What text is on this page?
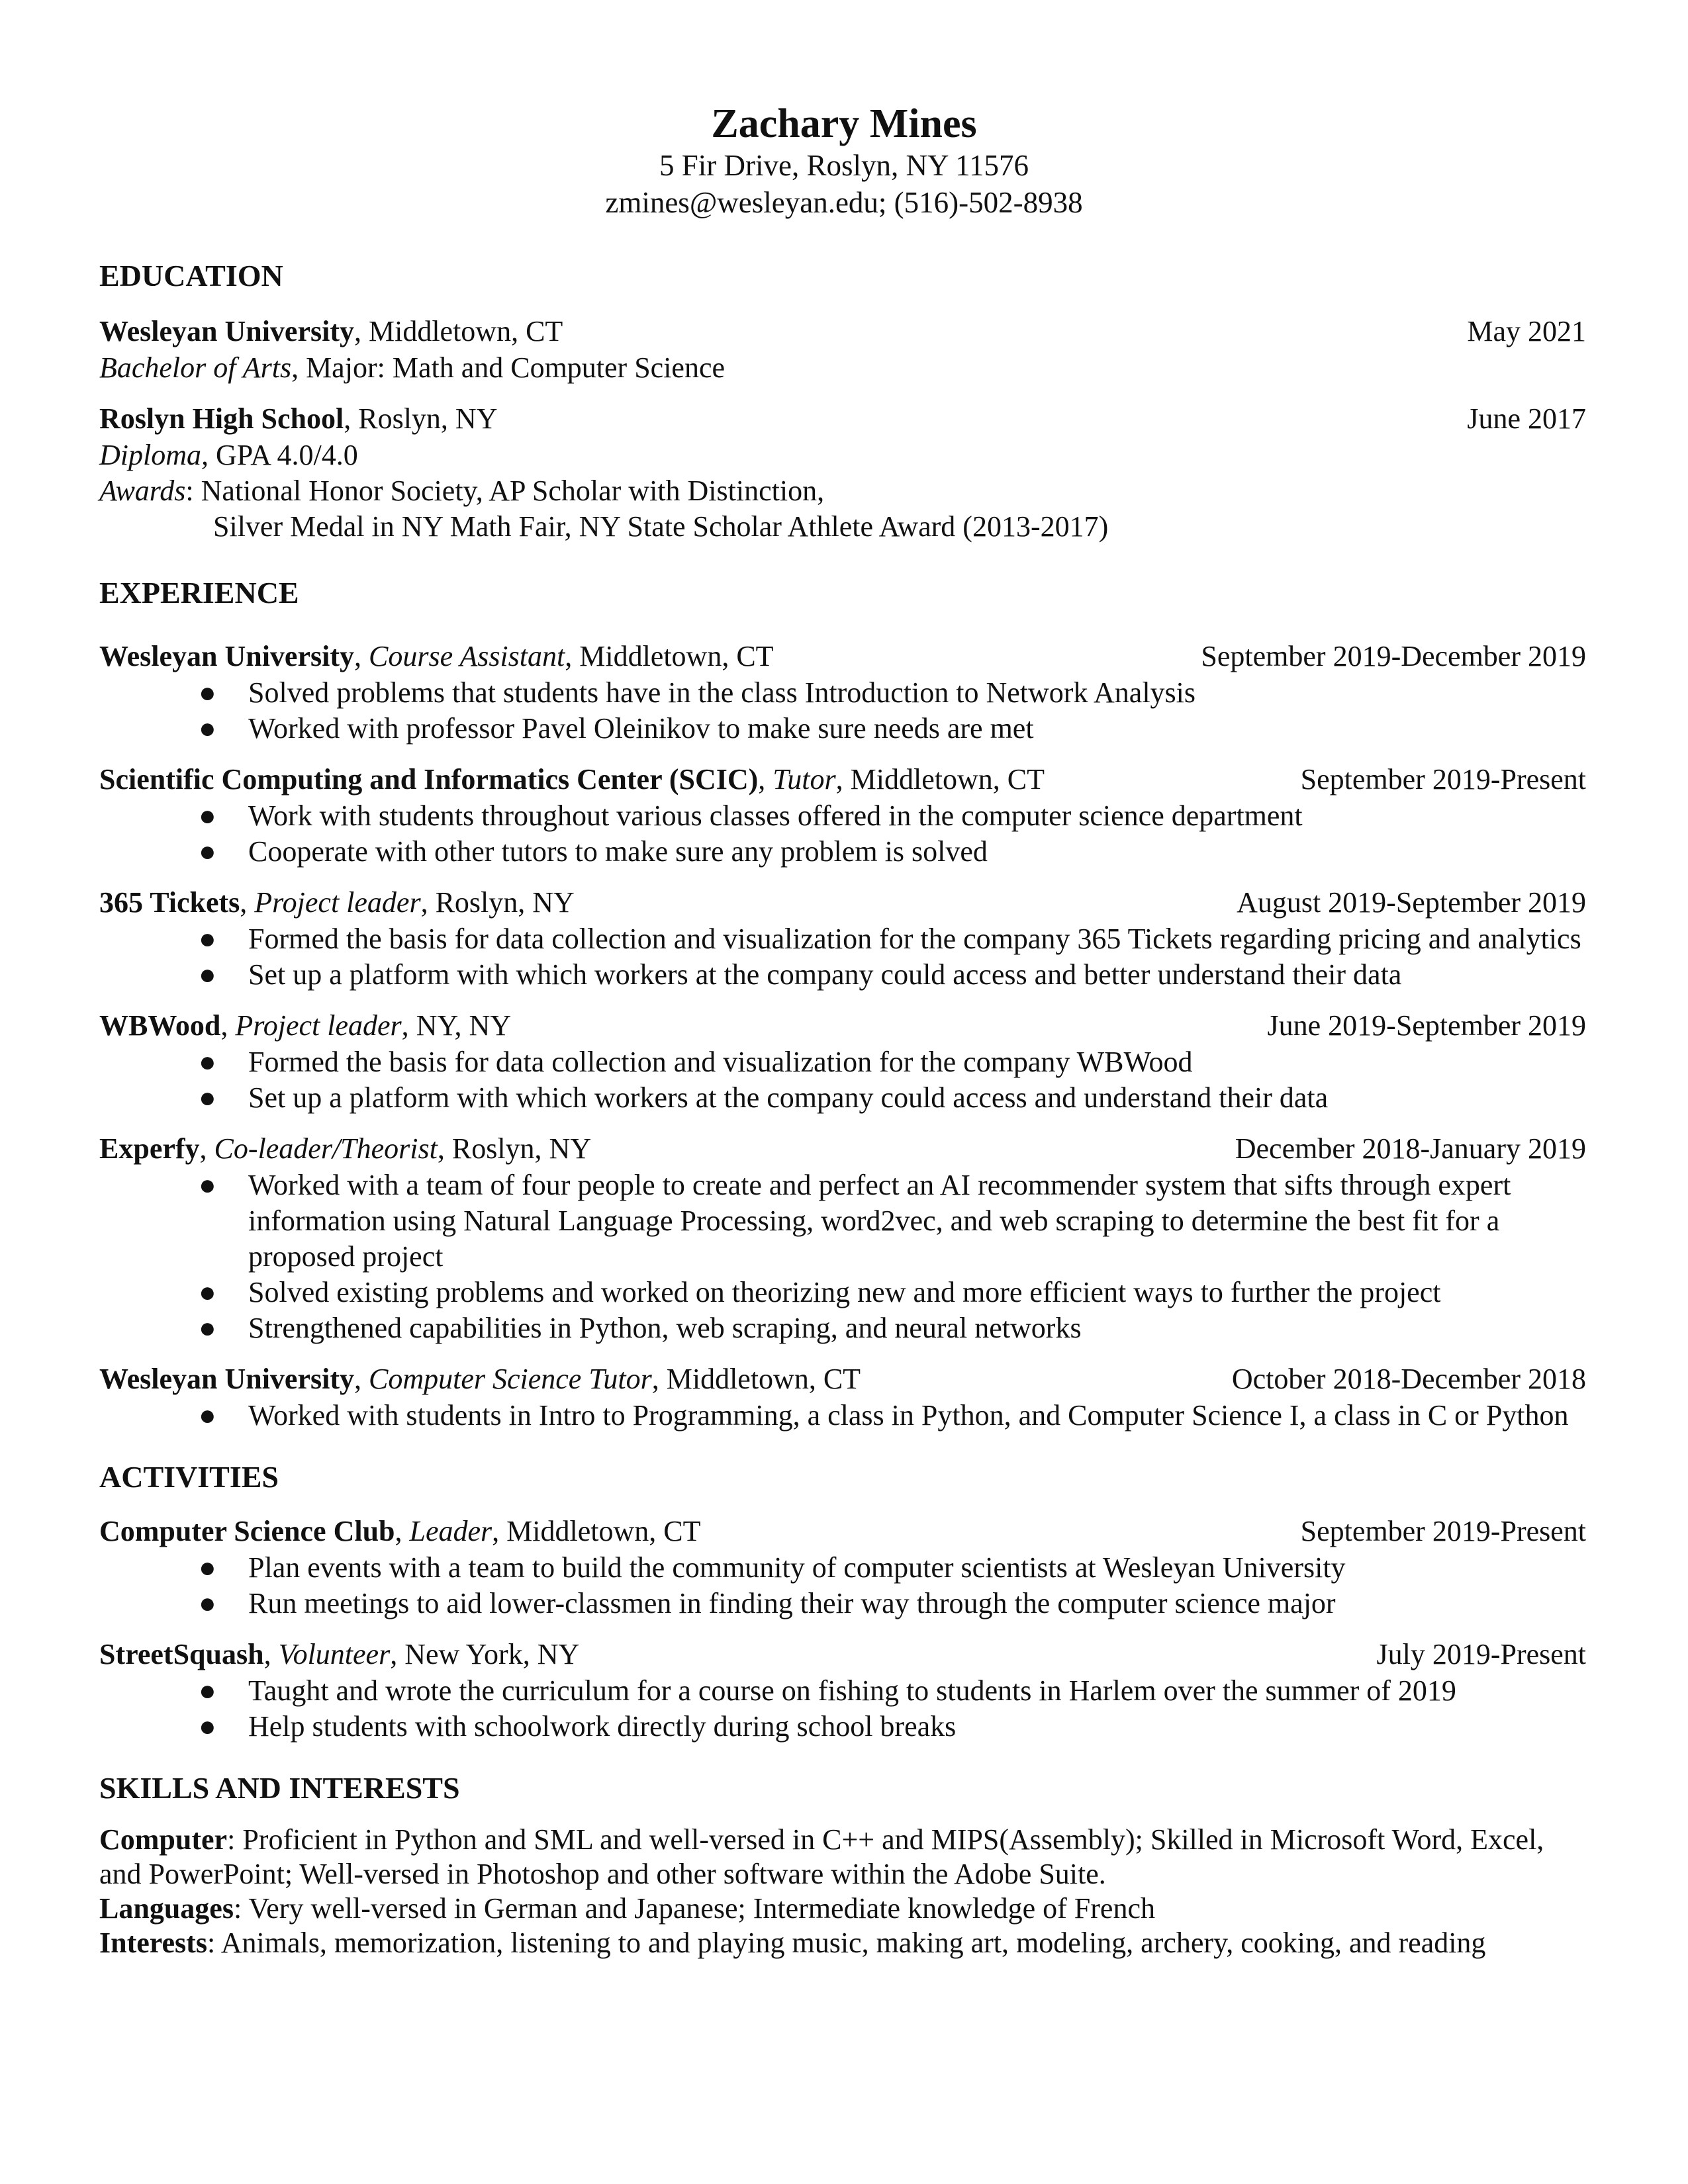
Zachary Mines
5 Fir Drive, Roslyn, NY 11576
zmines@wesleyan.edu; (516)-502-8938
EDUCATION
Wesleyan University, Middletown, CT	May 2021
Bachelor of Arts, Major: Math and Computer Science
Roslyn High School, Roslyn, NY	June 2017
Diploma, GPA 4.0/4.0
Awards: National Honor Society, AP Scholar with Distinction,
Silver Medal in NY Math Fair, NY State Scholar Athlete Award (2013-2017)
EXPERIENCE
Wesleyan University, Course Assistant, Middletown, CT	September 2019-December 2019
● Solved problems that students have in the class Introduction to Network Analysis
● Worked with professor Pavel Oleinikov to make sure needs are met
Scientific Computing and Informatics Center (SCIC), Tutor, Middletown, CT	September 2019-Present
● Work with students throughout various classes offered in the computer science department
● Cooperate with other tutors to make sure any problem is solved
365 Tickets, Project leader, Roslyn, NY	August 2019-September 2019
● Formed the basis for data collection and visualization for the company 365 Tickets regarding pricing and analytics
● Set up a platform with which workers at the company could access and better understand their data
WBWood, Project leader, NY, NY	June 2019-September 2019
● Formed the basis for data collection and visualization for the company WBWood
● Set up a platform with which workers at the company could access and understand their data
Experfy, Co-leader/Theorist, Roslyn, NY	December 2018-January 2019
● Worked with a team of four people to create and perfect an AI recommender system that sifts through expert information using Natural Language Processing, word2vec, and web scraping to determine the best fit for a proposed project
● Solved existing problems and worked on theorizing new and more efficient ways to further the project
● Strengthened capabilities in Python, web scraping, and neural networks
Wesleyan University, Computer Science Tutor, Middletown, CT	October 2018-December 2018
● Worked with students in Intro to Programming, a class in Python, and Computer Science I, a class in C or Python
ACTIVITIES
Computer Science Club, Leader, Middletown, CT	September 2019-Present
● Plan events with a team to build the community of computer scientists at Wesleyan University
● Run meetings to aid lower-classmen in finding their way through the computer science major
StreetSquash, Volunteer, New York, NY	July 2019-Present
● Taught and wrote the curriculum for a course on fishing to students in Harlem over the summer of 2019
● Help students with schoolwork directly during school breaks
SKILLS AND INTERESTS
Computer: Proficient in Python and SML and well-versed in C++ and MIPS(Assembly); Skilled in Microsoft Word, Excel, and PowerPoint; Well-versed in Photoshop and other software within the Adobe Suite.
Languages: Very well-versed in German and Japanese; Intermediate knowledge of French
Interests: Animals, memorization, listening to and playing music, making art, modeling, archery, cooking, and reading
